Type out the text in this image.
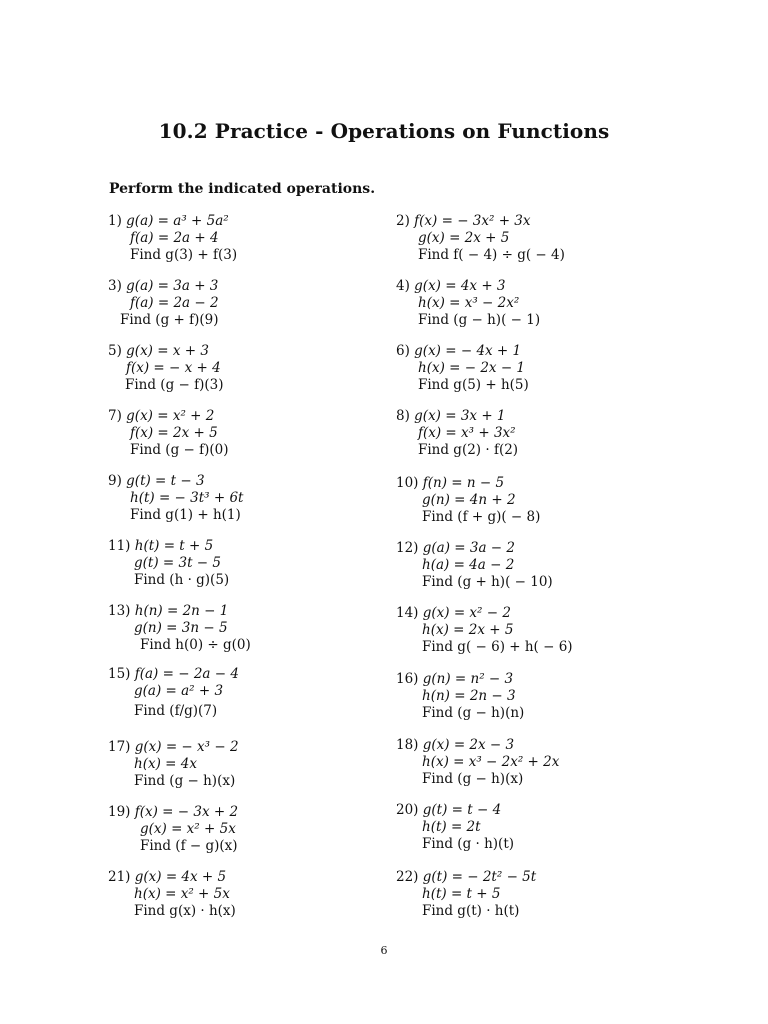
10.2 Practice - Operations on Functions
Perform the indicated operations.
1) g(a) = a³ + 5a²
f(a) = 2a + 4
Find g(3) + f(3)
2) f(x) = − 3x² + 3x
g(x) = 2x + 5
Find f( − 4) ÷ g( − 4)
3) g(a) = 3a + 3
f(a) = 2a − 2
Find (g + f)(9)
4) g(x) = 4x + 3
h(x) = x³ − 2x²
Find (g − h)( − 1)
5) g(x) = x + 3
f(x) = − x + 4
Find (g − f)(3)
6) g(x) = − 4x + 1
h(x) = − 2x − 1
Find g(5) + h(5)
7) g(x) = x² + 2
f(x) = 2x + 5
Find (g − f)(0)
8) g(x) = 3x + 1
f(x) = x³ + 3x²
Find g(2) · f(2)
9) g(t) = t − 3
h(t) = − 3t³ + 6t
Find g(1) + h(1)
10) f(n) = n − 5
g(n) = 4n + 2
Find (f + g)( − 8)
11) h(t) = t + 5
g(t) = 3t − 5
Find (h · g)(5)
12) g(a) = 3a − 2
h(a) = 4a − 2
Find (g + h)( − 10)
13) h(n) = 2n − 1
g(n) = 3n − 5
Find h(0) ÷ g(0)
14) g(x) = x² − 2
h(x) = 2x + 5
Find g( − 6) + h( − 6)
15) f(a) = − 2a − 4
g(a) = a² + 3
Find (f/g)(7)
16) g(n) = n² − 3
h(n) = 2n − 3
Find (g − h)(n)
17) g(x) = − x³ − 2
h(x) = 4x
Find (g − h)(x)
18) g(x) = 2x − 3
h(x) = x³ − 2x² + 2x
Find (g − h)(x)
19) f(x) = − 3x + 2
g(x) = x² + 5x
Find (f − g)(x)
20) g(t) = t − 4
h(t) = 2t
Find (g · h)(t)
21) g(x) = 4x + 5
h(x) = x² + 5x
Find g(x) · h(x)
22) g(t) = − 2t² − 5t
h(t) = t + 5
Find g(t) · h(t)
6
